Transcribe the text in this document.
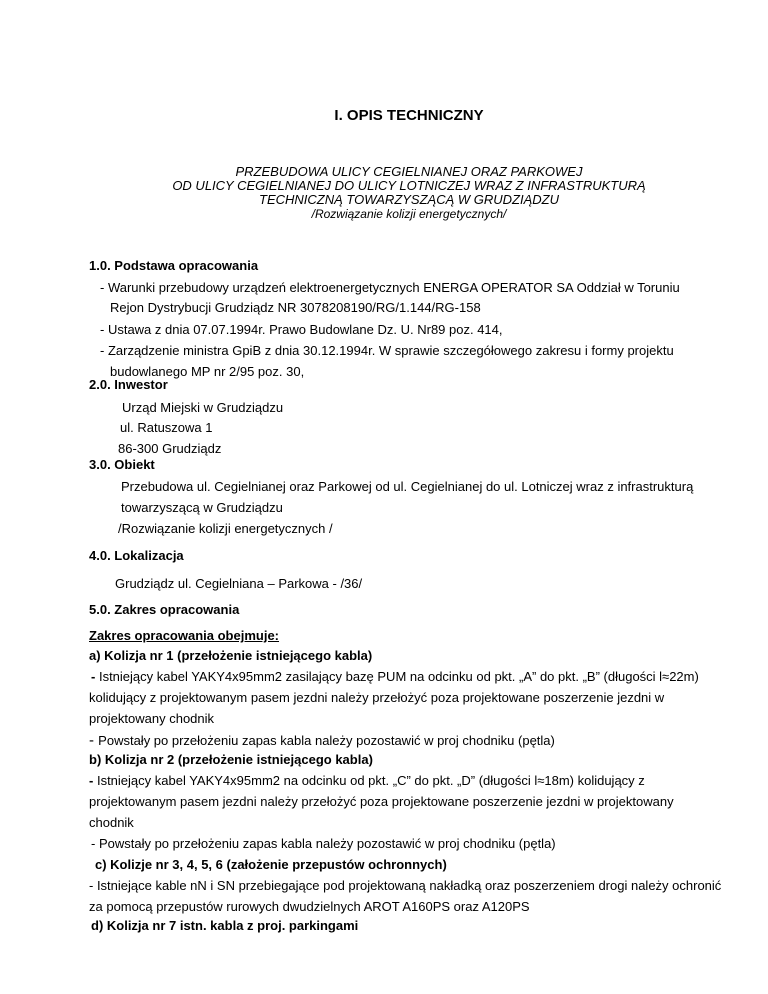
I. OPIS TECHNICZNY
PRZEBUDOWA ULICY CEGIELNIANEJ ORAZ PARKOWEJ
OD ULICY CEGIELNIANEJ DO ULICY LOTNICZEJ WRAZ Z INFRASTRUKTURĄ
TECHNICZNĄ TOWARZYSZĄCĄ W GRUDZIĄDZU
/Rozwiązanie kolizji energetycznych/
1.0. Podstawa opracowania
- Warunki przebudowy urządzeń elektroenergetycznych ENERGA OPERATOR SA Oddział w Toruniu
Rejon Dystrybucji Grudziądz NR 3078208190/RG/1.144/RG-158
- Ustawa z dnia 07.07.1994r. Prawo Budowlane Dz. U. Nr89 poz. 414,
- Zarządzenie ministra GpiB z dnia 30.12.1994r. W sprawie szczegółowego zakresu i formy projektu
budowlanego MP nr 2/95 poz. 30,
2.0. Inwestor
Urząd Miejski w Grudziądzu
ul. Ratuszowa 1
86-300 Grudziądz
3.0. Obiekt
Przebudowa ul. Cegielnianej oraz Parkowej od ul. Cegielnianej do ul. Lotniczej wraz z infrastrukturą
towarzyszącą w Grudziądzu
/Rozwiązanie kolizji energetycznych /
4.0. Lokalizacja
Grudziądz ul. Cegielniana – Parkowa - /36/
5.0. Zakres opracowania
Zakres opracowania obejmuje:
a) Kolizja nr 1 (przełożenie istniejącego kabla)
- Istniejący kabel YAKY4x95mm2 zasilający bazę PUM na odcinku od pkt. „A” do pkt. „B” (długości l≈22m)
kolidujący z projektowanym pasem jezdni należy przełożyć poza projektowane poszerzenie jezdni w
projektowany chodnik
- Powstały po przełożeniu zapas kabla należy pozostawić w proj chodniku (pętla)
b) Kolizja nr 2 (przełożenie istniejącego kabla)
- Istniejący kabel YAKY4x95mm2 na odcinku od pkt. „C” do pkt. „D” (długości l≈18m) kolidujący z
projektowanym pasem jezdni należy przełożyć poza projektowane poszerzenie jezdni w projektowany
chodnik
- Powstały po przełożeniu zapas kabla należy pozostawić w proj chodniku (pętla)
c) Kolizje nr 3, 4, 5, 6 (założenie przepustów ochronnych)
- Istniejące kable nN i SN przebiegające pod projektowaną nakładką oraz poszerzeniem drogi należy ochronić
za pomocą przepustów rurowych dwudzielnych AROT A160PS oraz A120PS
d) Kolizja nr 7 istn. kabla z proj. parkingami
